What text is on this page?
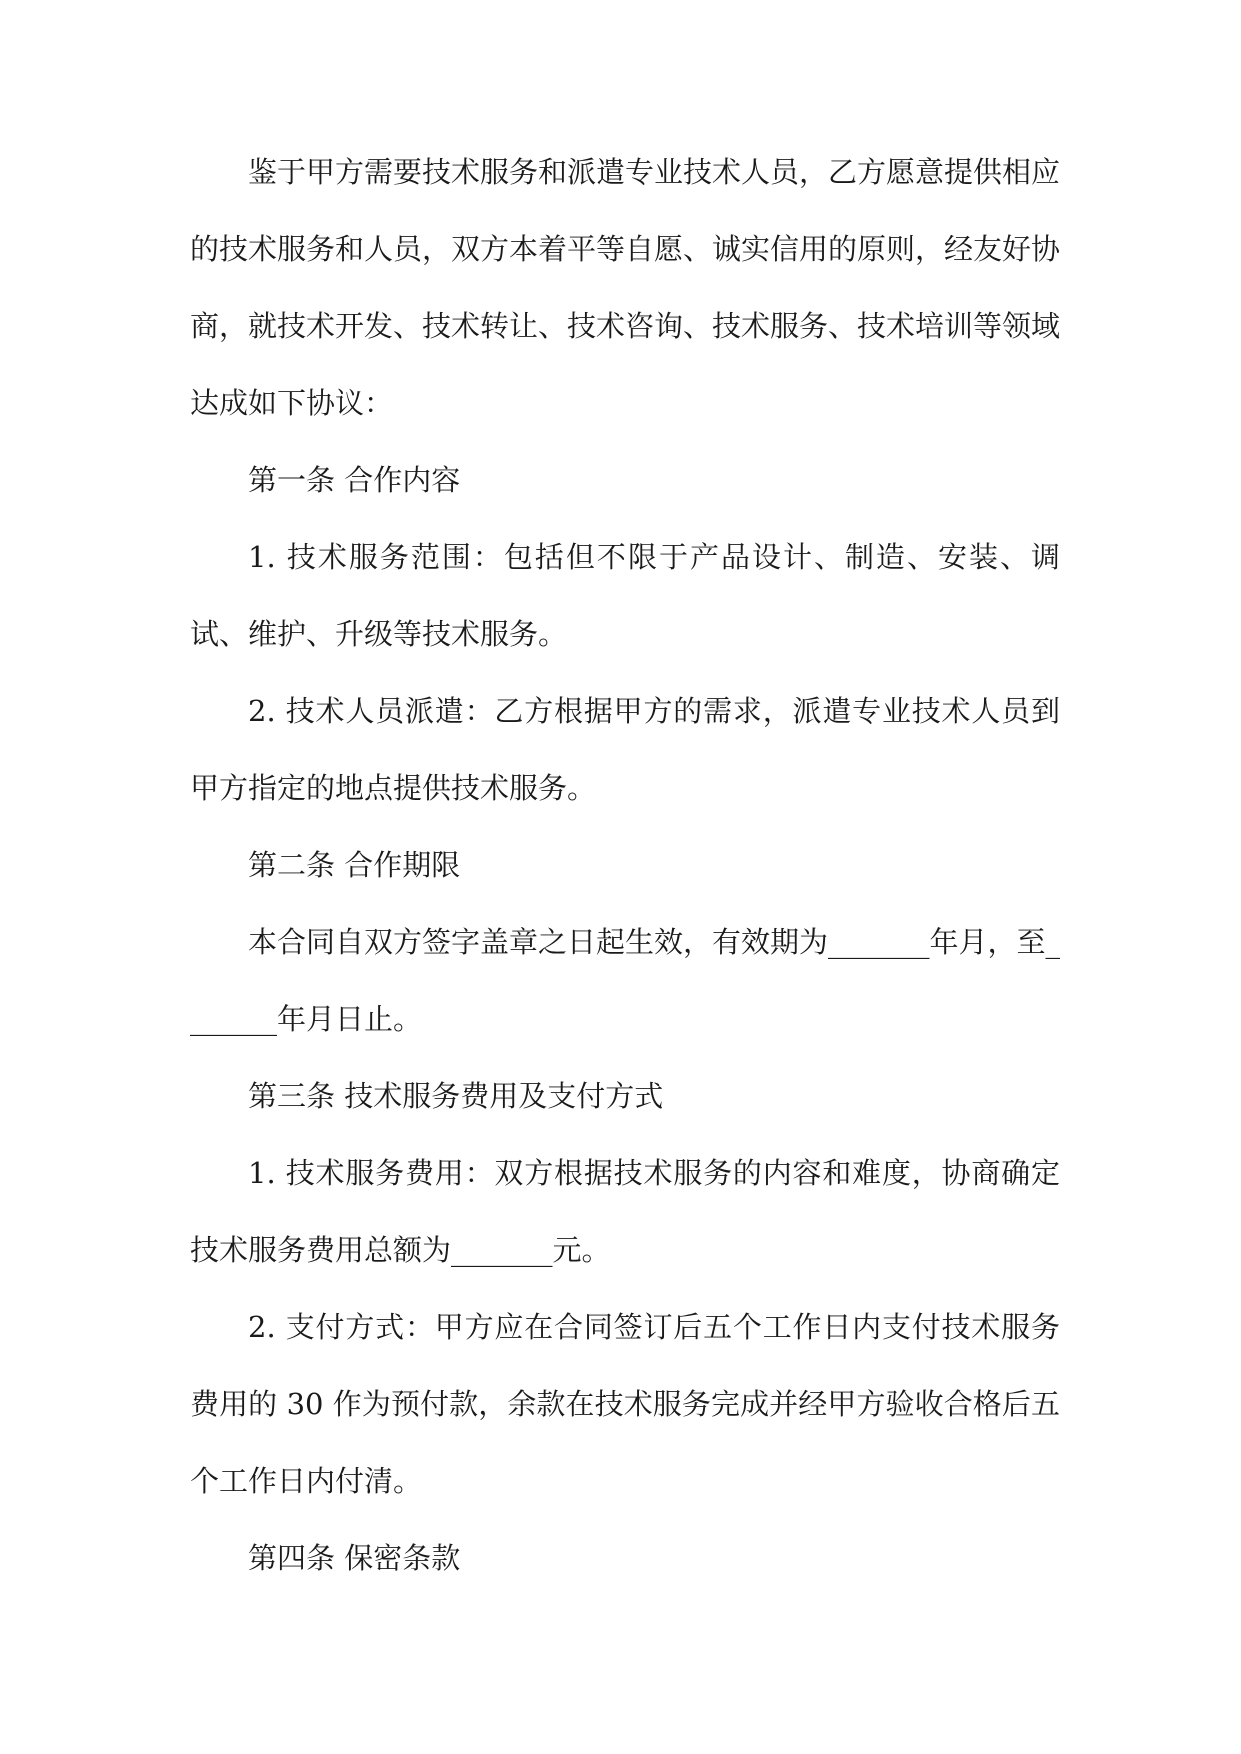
鉴于甲方需要技术服务和派遣专业技术人员，乙方愿意提供相应的技术服务和人员，双方本着平等自愿、诚实信用的原则，经友好协商，就技术开发、技术转让、技术咨询、技术服务、技术培训等领域达成如下协议：

第一条 合作内容

1. 技术服务范围：包括但不限于产品设计、制造、安装、调试、维护、升级等技术服务。

2. 技术人员派遣：乙方根据甲方的需求，派遣专业技术人员到甲方指定的地点提供技术服务。

第二条 合作期限

本合同自双方签字盖章之日起生效，有效期为_______年月，至_______年月日止。

第三条 技术服务费用及支付方式

1. 技术服务费用：双方根据技术服务的内容和难度，协商确定技术服务费用总额为_______元。

2. 支付方式：甲方应在合同签订后五个工作日内支付技术服务费用的 30 作为预付款，余款在技术服务完成并经甲方验收合格后五个工作日内付清。

第四条 保密条款
